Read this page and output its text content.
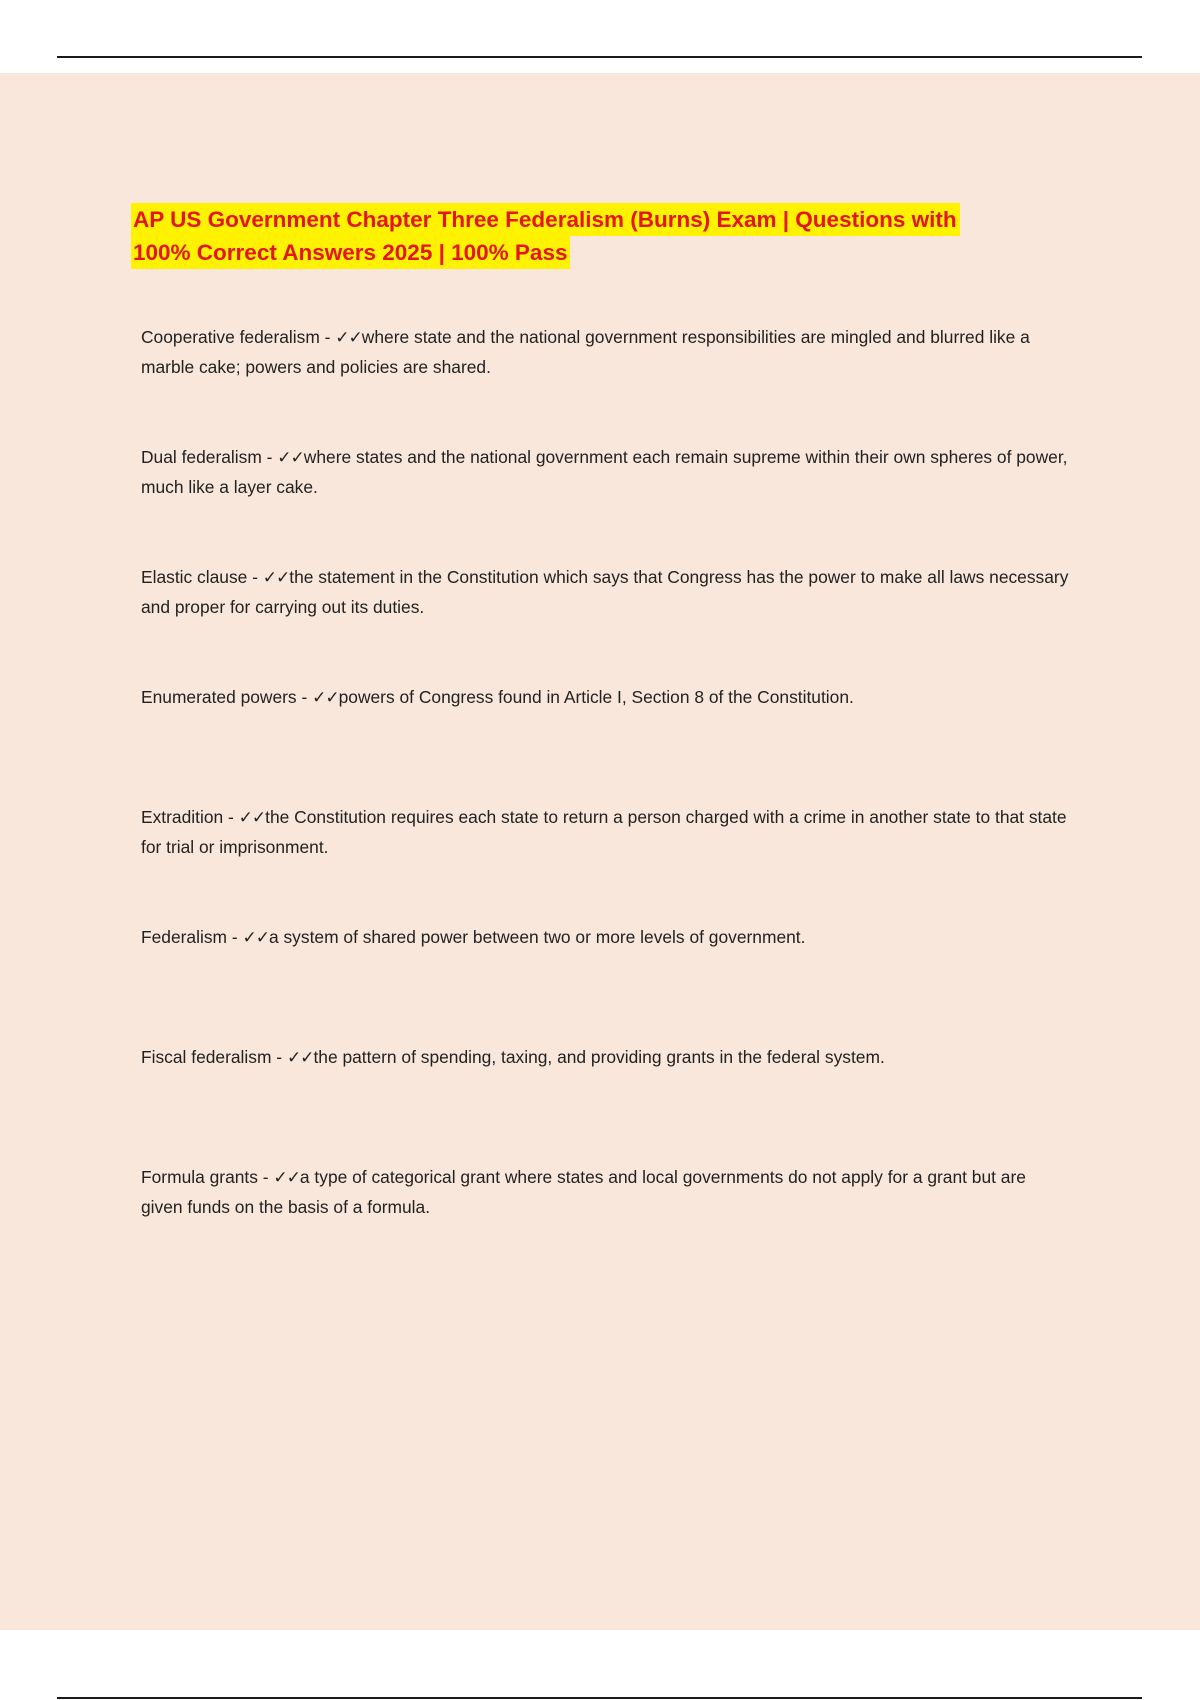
AP US Government Chapter Three Federalism (Burns) Exam | Questions with
100% Correct Answers 2025 | 100% Pass
Cooperative federalism - ✓✓where state and the national government responsibilities are mingled and blurred like a marble cake; powers and policies are shared.
Dual federalism - ✓✓where states and the national government each remain supreme within their own spheres of power, much like a layer cake.
Elastic clause - ✓✓the statement in the Constitution which says that Congress has the power to make all laws necessary and proper for carrying out its duties.
Enumerated powers - ✓✓powers of Congress found in Article I, Section 8 of the Constitution.
Extradition - ✓✓the Constitution requires each state to return a person charged with a crime in another state to that state for trial or imprisonment.
Federalism - ✓✓a system of shared power between two or more levels of government.
Fiscal federalism - ✓✓the pattern of spending, taxing, and providing grants in the federal system.
Formula grants - ✓✓a type of categorical grant where states and local governments do not apply for a grant but are given funds on the basis of a formula.
